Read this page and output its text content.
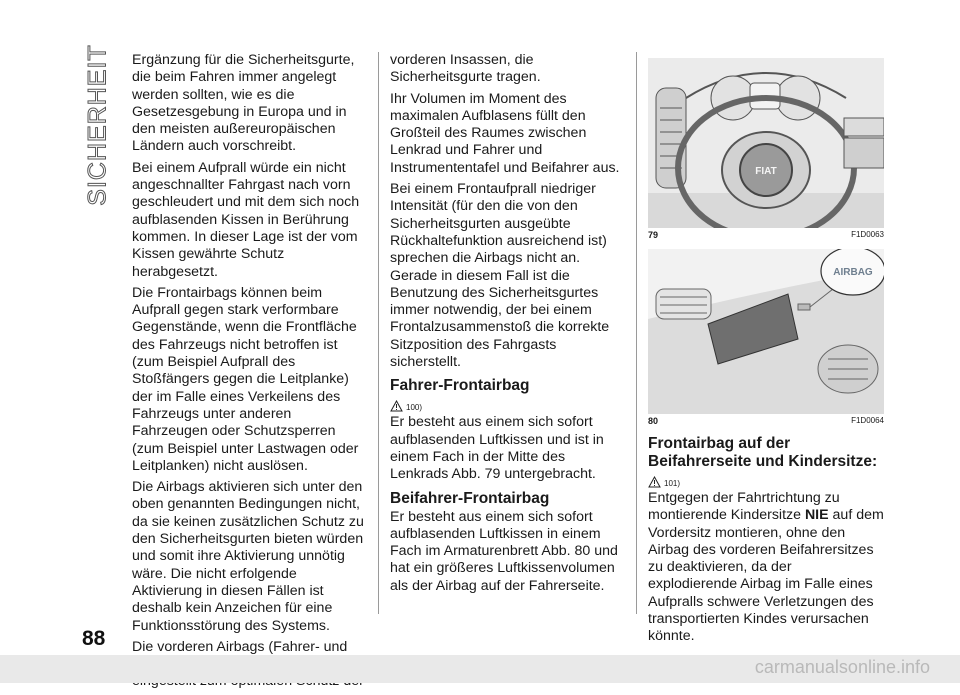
SICHERHEIT Ergänzung für die Sicherheitsgurte, die beim Fahren immer angelegt werden sollten, wie es die Gesetzesgebung in Europa und in den meisten außereuropäischen Ländern auch vorschreibt.

Bei einem Aufprall würde ein nicht angeschnallter Fahrgast nach vorn geschleudert und mit dem sich noch aufblasenden Kissen in Berührung kommen. In dieser Lage ist der vom Kissen gewährte Schutz herabgesetzt.

Die Frontairbags können beim Aufprall gegen stark verformbare Gegenstände, wenn die Frontfläche des Fahrzeugs nicht betroffen ist (zum Beispiel Aufprall des Stoßfängers gegen die Leitplanke) der im Falle eines Verkeilens des Fahrzeugs unter anderen Fahrzeugen oder Schutzsperren (zum Beispiel unter Lastwagen oder Leitplanken) nicht auslösen.

Die Airbags aktivieren sich unter den oben genannten Bedingungen nicht, da sie keinen zusätzlichen Schutz zu den Sicherheitsgurten bieten würden und somit ihre Aktivierung unnötig wäre. Die nicht erfolgende Aktivierung in diesen Fällen ist deshalb kein Anzeichen für eine Funktionsstörung des Systems.

Die vorderen Airbags (Fahrer- und

vorderen Insassen, die Sicherheitsgurte tragen.

Ihr Volumen im Moment des maximalen Aufblasens füllt den Großteil des Raumes zwischen Lenkrad und Fahrer und Instrumententafel und Beifahrer aus.

Bei einem Frontaufprall niedriger Intensität (für den die von den Sicherheitsgurten ausgeübte Rückhaltefunktion ausreichend ist) sprechen die Airbags nicht an. Gerade in diesem Fall ist die Benutzung des Sicherheitsgurtes immer notwendig, der bei einem Frontalzusammenstoß die korrekte Sitzposition des Fahrgasts sicherstellt.

Fahrer-Frontairbag
100)

Er besteht aus einem sich sofort aufblasenden Luftkissen und ist in einem Fach in der Mitte des Lenkrads Abb. 79 untergebracht.

Beifahrer-Frontairbag

Er besteht aus einem sich sofort aufblasenden Luftkissen in einem Fach im Armaturenbrett Abb. 80 und hat ein größeres Luftkissenvolumen als der Airbag auf der Fahrerseite.

FIAT
79	F1D0063
AIRBAG
80	F1D0064
Frontairbag auf der Beifahrerseite und Kindersitze:
101)

Entgegen der Fahrtrichtung zu montierende Kindersitze NIE auf dem Vordersitz montieren, ohne den Airbag des vorderen Beifahrersitzes zu deaktivieren, da der explodierende Airbag im Falle eines Aufpralls schwere Verletzungen des transportierten Kindes verursachen könnte.

88
carmanualsonline.info
